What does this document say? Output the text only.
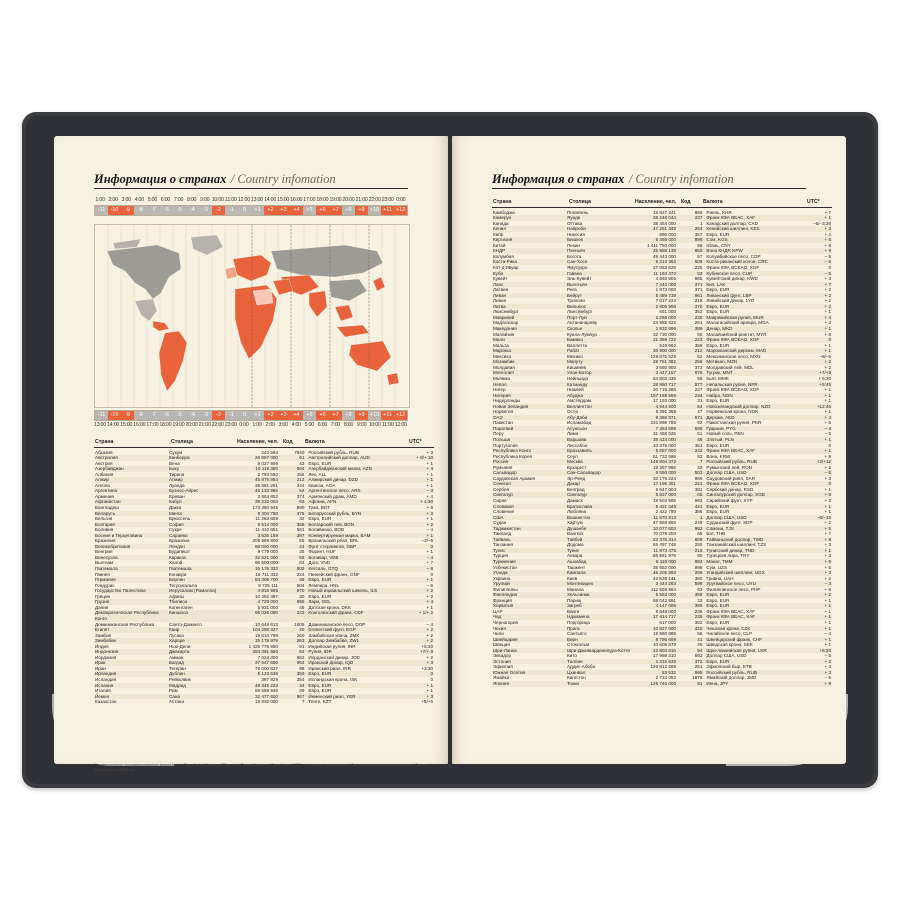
Информация о странах / Country infomation
1:00 2:00 3:00 4:00 5:00 6:00 7:00 8:00 9:00 10:00 11:00 12:00 13:00 14:00 15:00 16:00 17:00 18:00 19:00 20:00 21:00 22:00 23:00 0:00
-11	-10	-9	-8	-7	-6	-5	-4	-3	-2	-1	0	+1	+2	+3	+4	+5	+6	+7	+8	+9 +10 +11 +12
-11	-10	-9	-8	-7	-6	-5	-4	-3	-2	-1	0	+1	+2	+3	+4	+5	+6	+7	+8	+9 +10 +11 +12
13:00 14:00 15:00 16:00 17:00 18:00 19:00 20:00 21:00 22:00 23:00 0:00 1:00 2:00 3:00 4:00 5:00 6:00 7:00 8:00 9:00 10:00 11:00 12:00
Страна	Столица	Население, чел. Код	Валюта	UTC*
Абхазия	Сухум	243 564	7840 Российский рубль, RUB	+ 3
Австралия	Канберра	26 867 000	61 Австралийский доллар, AUD	+ 8/+ 10
Австрия	Вена	9 027 999	43 Евро, EUR	+ 1
Азербайджан	Баку	10 119 380	994 Азербайджанский манат, AZN	+ 4
Албания	Тирана	2 793 592	355 Лек, ALL	+ 1
Алжир	Алжир	45 875 954	213 Алжирский динар, DZD	+ 1
Ангола	Луанда	35 981 281	244 Кванза, AOA	+ 1
Аргентина	Буэнос-Айрес	45 133 966	54 Аргентинское песо, ARS	– 3
Армения	Ереван	2 864 852	374 Армянский драм, AMD	+ 4
Афганистан	Кабул	39 232 003	93 Афгани, AFN	+ 4:30
Бангладеш	Дакка	173 360 945	880 Така, BDT	+ 6
Беларусь	Минск	9 304 780	375 Белорусский рубль, BYN	+ 3
Бельгия	Брюссель	11 283 659	32 Евро, EUR	+ 1
Болгария	София	6 514 000	359 Болгарский лев, BGN	+ 2
Боливия	Сукре	11 410 651	591 Боливиано, BOB	– 4
Босния и Герцеговина	Сараево	3 535 159	387 Конвертируемая марка, BAM	+ 1
Бразилия	Бразилиа	205 989 800	55 Бразильский реал, BRL	–2/–5
Великобритания	Лондон	68 000 000	44 Фунт стерлингов, GBP	0
Венгрия	Будапешт	9 779 000	36 Форинт, HUF	+ 1
Венесуэла	Каракас	32 621 000	58 Боливар, VEB	– 4
Вьетнам	Ханой	95 600 000	84 Донг, VND	+ 7
Гватемала	Гватемала	16 175 333	502 Кетсаль, GTQ	– 6
Гвинея	Конакри	16 711 332	224 Гвинейский франк, GNF	0
Германия	Берлин	84 306 700	49 Евро, EUR	+ 1
Гондурас	Тегусигальпа	9 725 111	504 Лемпира, HNL	– 6
Государство Палестина	Иерусалим (Рамалла)	4 816 985	970 Новый израильский шекель, ILS	+ 2
Греция	Афины	10 482 487	30 Евро, EUR	+ 2
Грузия	Тбилиси	4 729 000	995 Лари, GEL	+ 4
Дания	Копенгаген	5 931 000	45 Датская крона, DKK	+ 1
Демократическая Республика Конго
Киншаса	95 026 080	243 Конголезский франк, CDF	+ 1/+ 2
Доминиканская Республика	Санто-Доминго	10 648 613	1809 Доминиканское песо, DOP	– 4
Египет	Каир	104 258 327	20 Египетский фунт, EGP	+ 2
Замбия	Лусака	19 610 769	260 Замбийская квача, ZMK	+ 2
Зимбабве	Хараре	15 178 979	263 Доллар Зимбабве, ZWL	+ 2
Индия	Нью-Дели	1 425 775 850	91 Индийская рупия, INR	+5:30
Индонезия	Джакарта	284 391 550	62 Рупия, IDR	+7/+ 9
Иордания	Амман	7 024 300	962 Иорданский динар, JOD	+ 2
Ирак	Багдад	37 547 686	964 Иракский динар, IQD	+ 3
Иран	Тегеран	79 000 827	98 Иранский риал, IRR	+3:30
Ирландия	Дублин	5 123 536	353 Евро, EUR	0
Исландия	Рейкьявик	387 929	354 Исландская крона, ISK	0
Испания	Мадрид	48 345 223	34 Евро, EUR	+ 1
Италия	Рим	58 589 946	39 Евро, EUR	+ 1
Йемен	Сана	32 477 600	967 Йеменский риал, YER	+ 3
Казахстан	Астана	19 832 000	7 Тенге, KZT	+5/+6
*Универсальное координированное время (англ. Coordinated Universal Time, фр. Temps Universel Coordonné, UTC) — стандарт, по которому общество регулирует часы и время. Данные актуальны на 2023 год.
Информация о странах / Country infomation
Страна	Столица	Население, чел. Код	Валюта	UTC*
Камбоджа	Пномпень	15 827 241	855 Риель, KHR	+ 7
Камерун	Яунде	28 248 044	237 Франк КФА BEAC, XAF	+ 1
Канада	Оттава	38 454 000	1 Канадский доллар, CAD	–6/–3:30
Кения	Найроби	47 251 449	254 Кенийский шиллинг, KES	+ 3
Кипр	Никосия	896 000	357 Евро, EUR	+ 2
Киргизия	Бишкек	6 468 000	996 Сом, KGS	+ 6
Китай	Пекин	1 411 750 000	86 Юань, CNY	+ 8
КНДР	Пхеньян	25 955 138	850 Вона КНДР, KPW	+ 9
Колумбия	Богота	49 443 000	57 Колумбийское песо, COP	– 5
Коста-Рика	Сан-Хосе	5 213 362	506 Коста-риканский колон, CRC	– 6
Кот-д’Ивуар	Ямусукро	27 053 629	225 Франк КФА BCEAO, XOF	0
Куба	Гавана	11 193 470	53 Кубинское песо, CUP	– 5
Кувейт	Эль-Кувейт	4 693 905	965 Кувейтский динар, KWD	+ 3
Лаос	Вьентьян	7 443 000	371 Кип, LAK	+ 7
Латвия	Рига	1 873 000	371 Евро, EUR	+ 2
Ливан	Бейрут	5 489 739	961 Ливанский фунт, LBP	+ 2
Ливия	Триполи	7 017 224	218 Ливийский динар, LYD	+ 2
Литва	Вильнюс	2 805 998	370 Евро, EUR	+ 2
Люксембург	Люксембург	661 000	352 Евро, EUR	+ 1
Маврикий	Порт-Луи	1 266 000	230 Маврикийская рупия, MUR	+ 4
Мадагаскар	Антананариву	24 955 822	261 Малагасийский ариари, MGA	+ 3
Македония	Скопье	1 832 696	389 Денар, MKD	+ 1
Малайзия	Куала-Лумпур	32 730 000	60 Малайзийский ринггит, MYR	+ 8
Мали	Бамако	21 359 722	223 Франк КФА BCEAO, XOF	0
Мальта	Валлетта	519 562	356 Евро, EUR	+ 1
Марокко	Рабат	36 900 000	212 Марокканский дирхам, MAD	+ 1
Мексика	Мехико	129 875 529	52 Мексиканское песо, MXN	–8/–5
Мозамбик	Мапуту	28 751 362	258 Метикал, MZN	+ 2
Молдавия	Кишинёв	3 550 900	373 Молдавский лей, MDL	+ 2
Монголия	Улан-Батор	3 447 157	976 Тугрик, MNT	+7/+8
Мьянма	Нейпьидо	54 803 436	95 Кьят, MMK	+ 6:30
Непал	Катманду	28 950 717	977 Непальская рупия, NPR	+5:45
Нигер	Ниамей	20 715 285	227 Франк КФА BCEAO, XOF	+ 1
Нигерия	Абуджа	197 169 665	234 Найра, NGN	+ 1
Нидерланды	Амстердам	17 193 000	31 Евро, EUR	+ 1
Новая Зеландия	Веллингтон	4 944 500	64 Новозеландский доллар, NZD	+12:45
Норвегия	Осло	5 391 369	47 Норвежская крона, NOK	+ 1
ОАЭ	Абу-Даби	9 356 971	971 Дирхам, AED	+ 4
Пакистан	Исламабад	231 898 785	92 Пакистанская рупия, PKR	+ 5
Парагвай	Асунсьон	7 453 695	595 Гуарани, PYG	– 4
Перу	Лима	31 458 625	51 Новый соль, PEN	– 5
Польша	Варшава	38 424 000	48 Злотый, PLN	+ 1
Португалия	Лиссабон	10 375 000	351 Евро, EUR	0
Республика Конго	Браззавиль	5 657 000	242 Франк КФА BEAC, XAF	+ 1
Республика Корея	Сеул	51 732 586	82 Вона, KRW	+ 9
Россия	Москва	146 804 372	7 Российский рубль, RUB	+2/+12
Румыния	Бухарест	19 257 966	40 Румынский лей, RON	+ 2
Сальвадор	Сан-Сальвадор	6 550 000	503 Доллар США, USD	– 6
Саудовская Аравия	Эр-Рияд	32 175 224	966 Саудовский риял, SAR	+ 3
Сенегал	Дакар	17 196 301	221 Франк КФА BCEAO, XOF	0
Сербия	Белград	6 647 003	381 Сербский динар, RSD	+ 1
Сингапур	Сингапур	5 637 000	65 Сингапурский доллар, SGD	+ 8
Сирия	Дамаск	18 503 595	963 Сирийский фунт, SYP	+ 2
Словакия	Братислава	5 421 349	421 Евро, EUR	+ 1
Словения	Любляна	2 422 790	386 Евро, EUR	+ 1
США	Вашингтон	11 870 813	1 Доллар США, USD	–5/–10
Судан	Хартум	47 958 856	249 Суданский фунт, SDP	+ 2
Таджикистан	Душанбе	10 077 603	992 Сомони, TJS	+ 5
Таиланд	Бангкок	70 078 203	66 Бат, THB	+ 7
Тайвань	Тайбэй	23 375 314	886 Тайваньский доллар, TWD	+ 8
Танзания	Додома	65 497 748	255 Танзанийский шиллинг, TZS	+ 3
Тунис	Тунис	11 973 475	216 Тунисский динар, TND	+ 1
Турция	Анкара	85 561 976	90 Турецкая лира, TRY	+ 3
Туркмения	Ашхабад	6 118 000	993 Манат, TMM	+ 5
Узбекистан	Ташкент	35 652 000	998 Сум, UZS	+ 5
Уганда	Кампала	46 205 893	256 Угандийский шиллинг, UGX	+ 3
Украина	Киев	42 539 141	380 Гривна, UAH	+ 2
Уругвай	Монтевидео	3 444 263	598 Уругвайское песо, UYU	– 3
Филиппины	Манила	112 508 994	63 Филиппинское песо, PHP	+ 8
Финляндия	Хельсинки	5 563 000	358 Евро, EUR	+ 2
Франция	Париж	68 042 591	33 Евро, EUR	+ 1
Хорватия	Загреб	4 147 095	385 Евро, EUR	+ 1
ЦАР	Банги	5 648 000	236 Франк КФА BEAC, XAF	+ 1
Чад	Нджамена	17 414 717	235 Франк КФА BEAC, XAF	+ 1
Черногория	Подгорица	617 000	382 Евро, EUR	+ 1
Чехия	Прага	10 827 000	420 Чешская крона, CZK	+ 1
Чили	Сантьяго	19 960 889	56 Чилийское песо, CLP	– 4
Швейцария	Берн	8 796 669	41 Швейцарский франк, CHF	+ 1
Швеция	Стокгольм	10 605 673	46 Шведская крона, SEK	+ 1
Шри-Ланка	Шри-Джаяварденепура-Котте	22 803 816	94 Шри-ланкийская рупия, LKR	+5:30
Эквадор	Кито	17 988 310	593 Доллар США, USD	– 5
Эстония	Таллин	1 315 635	372 Евро, EUR	+ 2
Эфиопия	Аддис-Абеба	120 812 698	251 Эфиопский быр, ETB	+ 3
Южная Осетия	Цхинвал	53 532	995 Российский рубль, RUB	+ 3
Ямайка	Кингстон	2 734 092	1876 Ямайский доллар, JMD	– 5
Япония	Токио	126 740 000	81 Иена, JPY	+ 9
